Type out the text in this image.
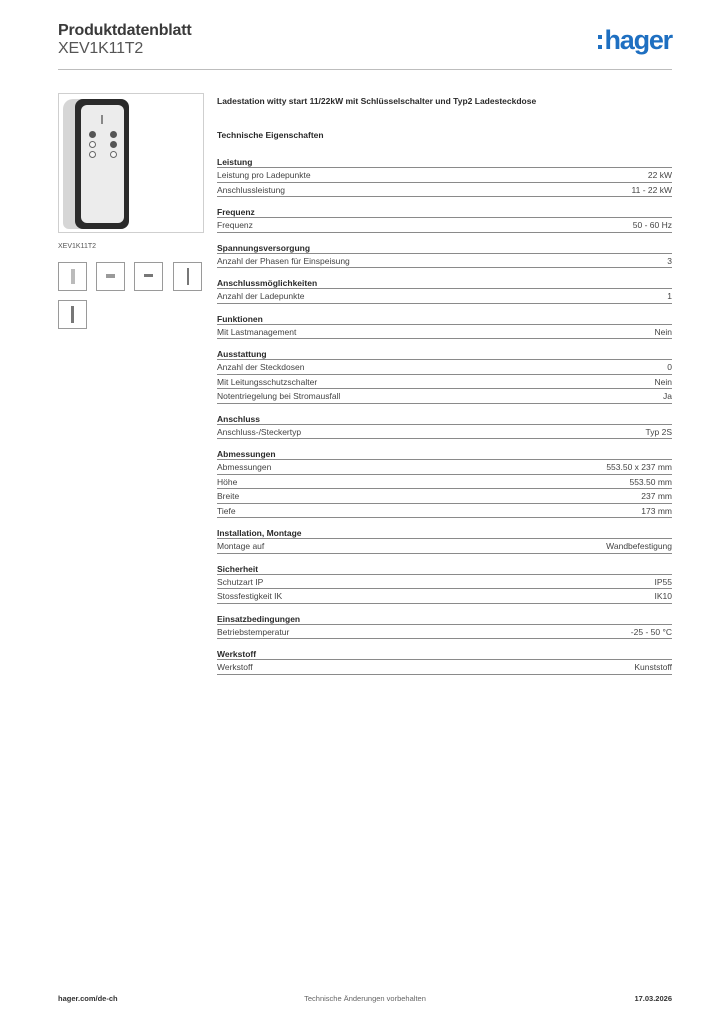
Produktdatenblatt
XEV1K11T2	hager
XEV1K11T2
Ladestation witty start 11/22kW mit Schlüsselschalter und Typ2 Ladesteckdose
Technische Eigenschaften
Leistung
Leistung pro Ladepunkte	22 kW
Anschlussleistung	11 - 22 kW
Frequenz
Frequenz	50 - 60 Hz
Spannungsversorgung
Anzahl der Phasen für Einspeisung	3
Anschlussmöglichkeiten
Anzahl der Ladepunkte	1
Funktionen
Mit Lastmanagement	Nein
Ausstattung
Anzahl der Steckdosen	0
Mit Leitungsschutzschalter	Nein
Notentriegelung bei Stromausfall	Ja
Anschluss
Anschluss-/Steckertyp	Typ 2S
Abmessungen
Abmessungen	553.50 x 237 mm
Höhe	553.50 mm
Breite	237 mm
Tiefe	173 mm
Installation, Montage
Montage auf	Wandbefestigung
Sicherheit
Schutzart IP	IP55
Stossfestigkeit IK	IK10
Einsatzbedingungen
Betriebstemperatur	-25 - 50 °C
Werkstoff
Werkstoff	Kunststoff
hager.com/de-ch	Technische Änderungen vorbehalten	17.03.2026
